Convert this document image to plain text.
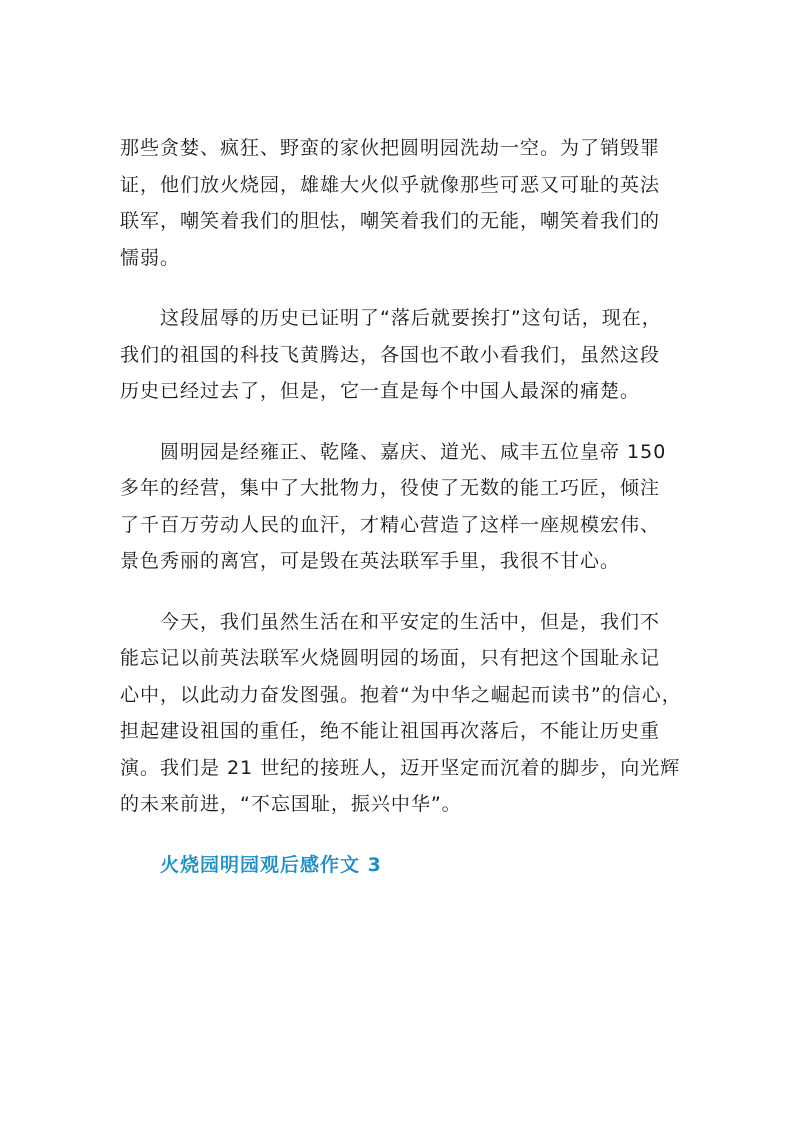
那些贪婪、疯狂、野蛮的家伙把圆明园洗劫一空。为了销毁罪
证，他们放火烧园，雄雄大火似乎就像那些可恶又可耻的英法
联军，嘲笑着我们的胆怯，嘲笑着我们的无能，嘲笑着我们的
懦弱。

这段屈辱的历史已证明了“落后就要挨打”这句话，现在，
我们的祖国的科技飞黄腾达，各国也不敢小看我们，虽然这段
历史已经过去了，但是，它一直是每个中国人最深的痛楚。

圆明园是经雍正、乾隆、嘉庆、道光、咸丰五位皇帝 150
多年的经营，集中了大批物力，役使了无数的能工巧匠，倾注
了千百万劳动人民的血汗，才精心营造了这样一座规模宏伟、
景色秀丽的离宫，可是毁在英法联军手里，我很不甘心。

今天，我们虽然生活在和平安定的生活中，但是，我们不
能忘记以前英法联军火烧圆明园的场面，只有把这个国耻永记
心中，以此动力奋发图强。抱着“为中华之崛起而读书”的信心，
担起建设祖国的重任，绝不能让祖国再次落后，不能让历史重
演。我们是 21 世纪的接班人，迈开坚定而沉着的脚步，向光辉
的未来前进，“不忘国耻，振兴中华”。

火烧园明园观后感作文 3
